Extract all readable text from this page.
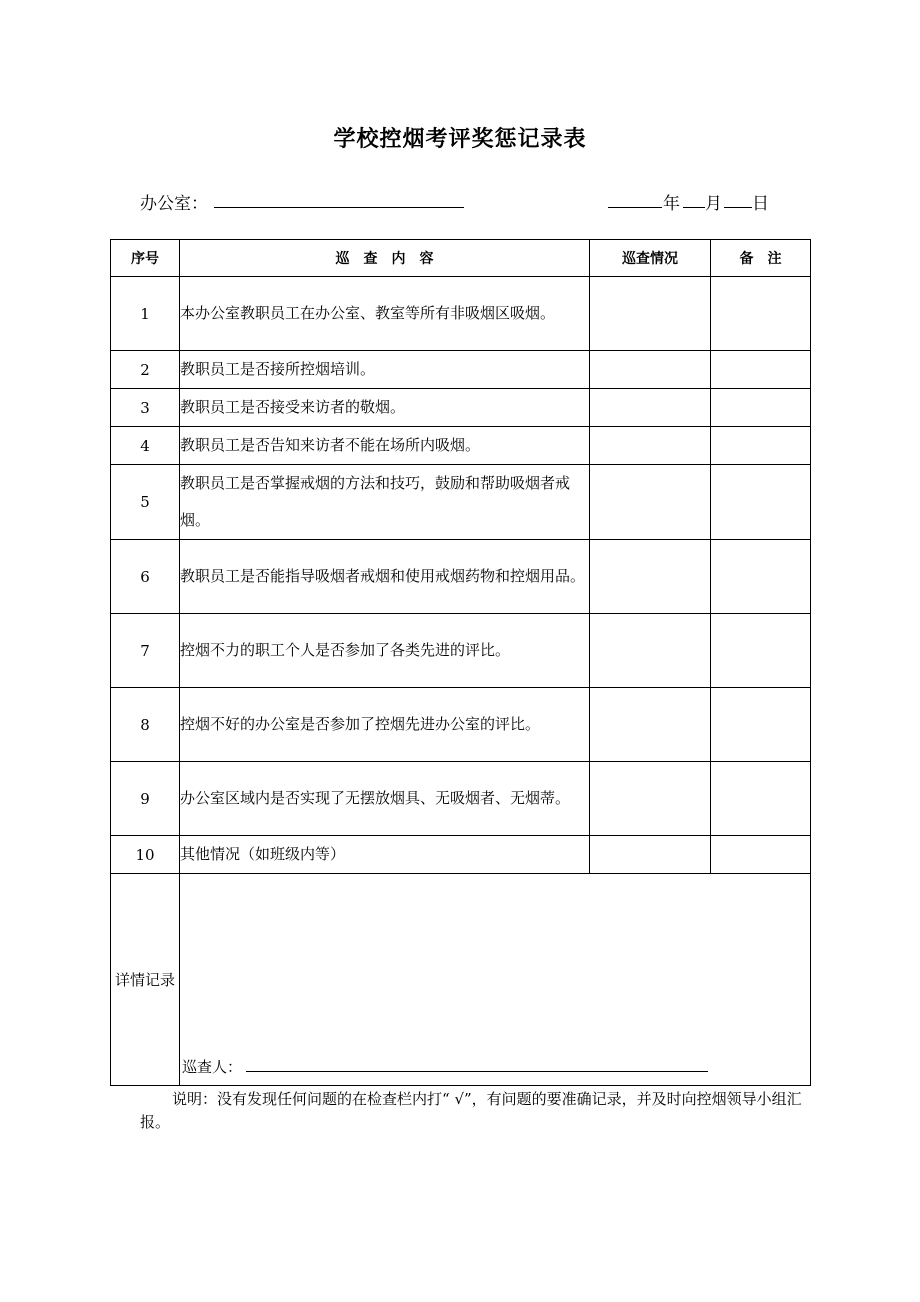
学校控烟考评奖惩记录表
办公室：	年 月 日
序号	巡　查　内　容	巡查情况	备　注
1	本办公室教职员工在办公室、教室等所有非吸烟区吸烟。		
2	教职员工是否接所控烟培训。		
3	教职员工是否接受来访者的敬烟。		
4	教职员工是否告知来访者不能在场所内吸烟。		
5	教职员工是否掌握戒烟的方法和技巧，鼓励和帮助吸烟者戒烟。		
6	教职员工是否能指导吸烟者戒烟和使用戒烟药物和控烟用品。		
7	控烟不力的职工个人是否参加了各类先进的评比。		
8	控烟不好的办公室是否参加了控烟先进办公室的评比。		
9	办公室区域内是否实现了无摆放烟具、无吸烟者、无烟蒂。		
10	其他情况（如班级内等）		
详情记录	巡查人：		
说明：没有发现任何问题的在检查栏内打“ √”，有问题的要准确记录，并及时向控烟领导小组汇报。
